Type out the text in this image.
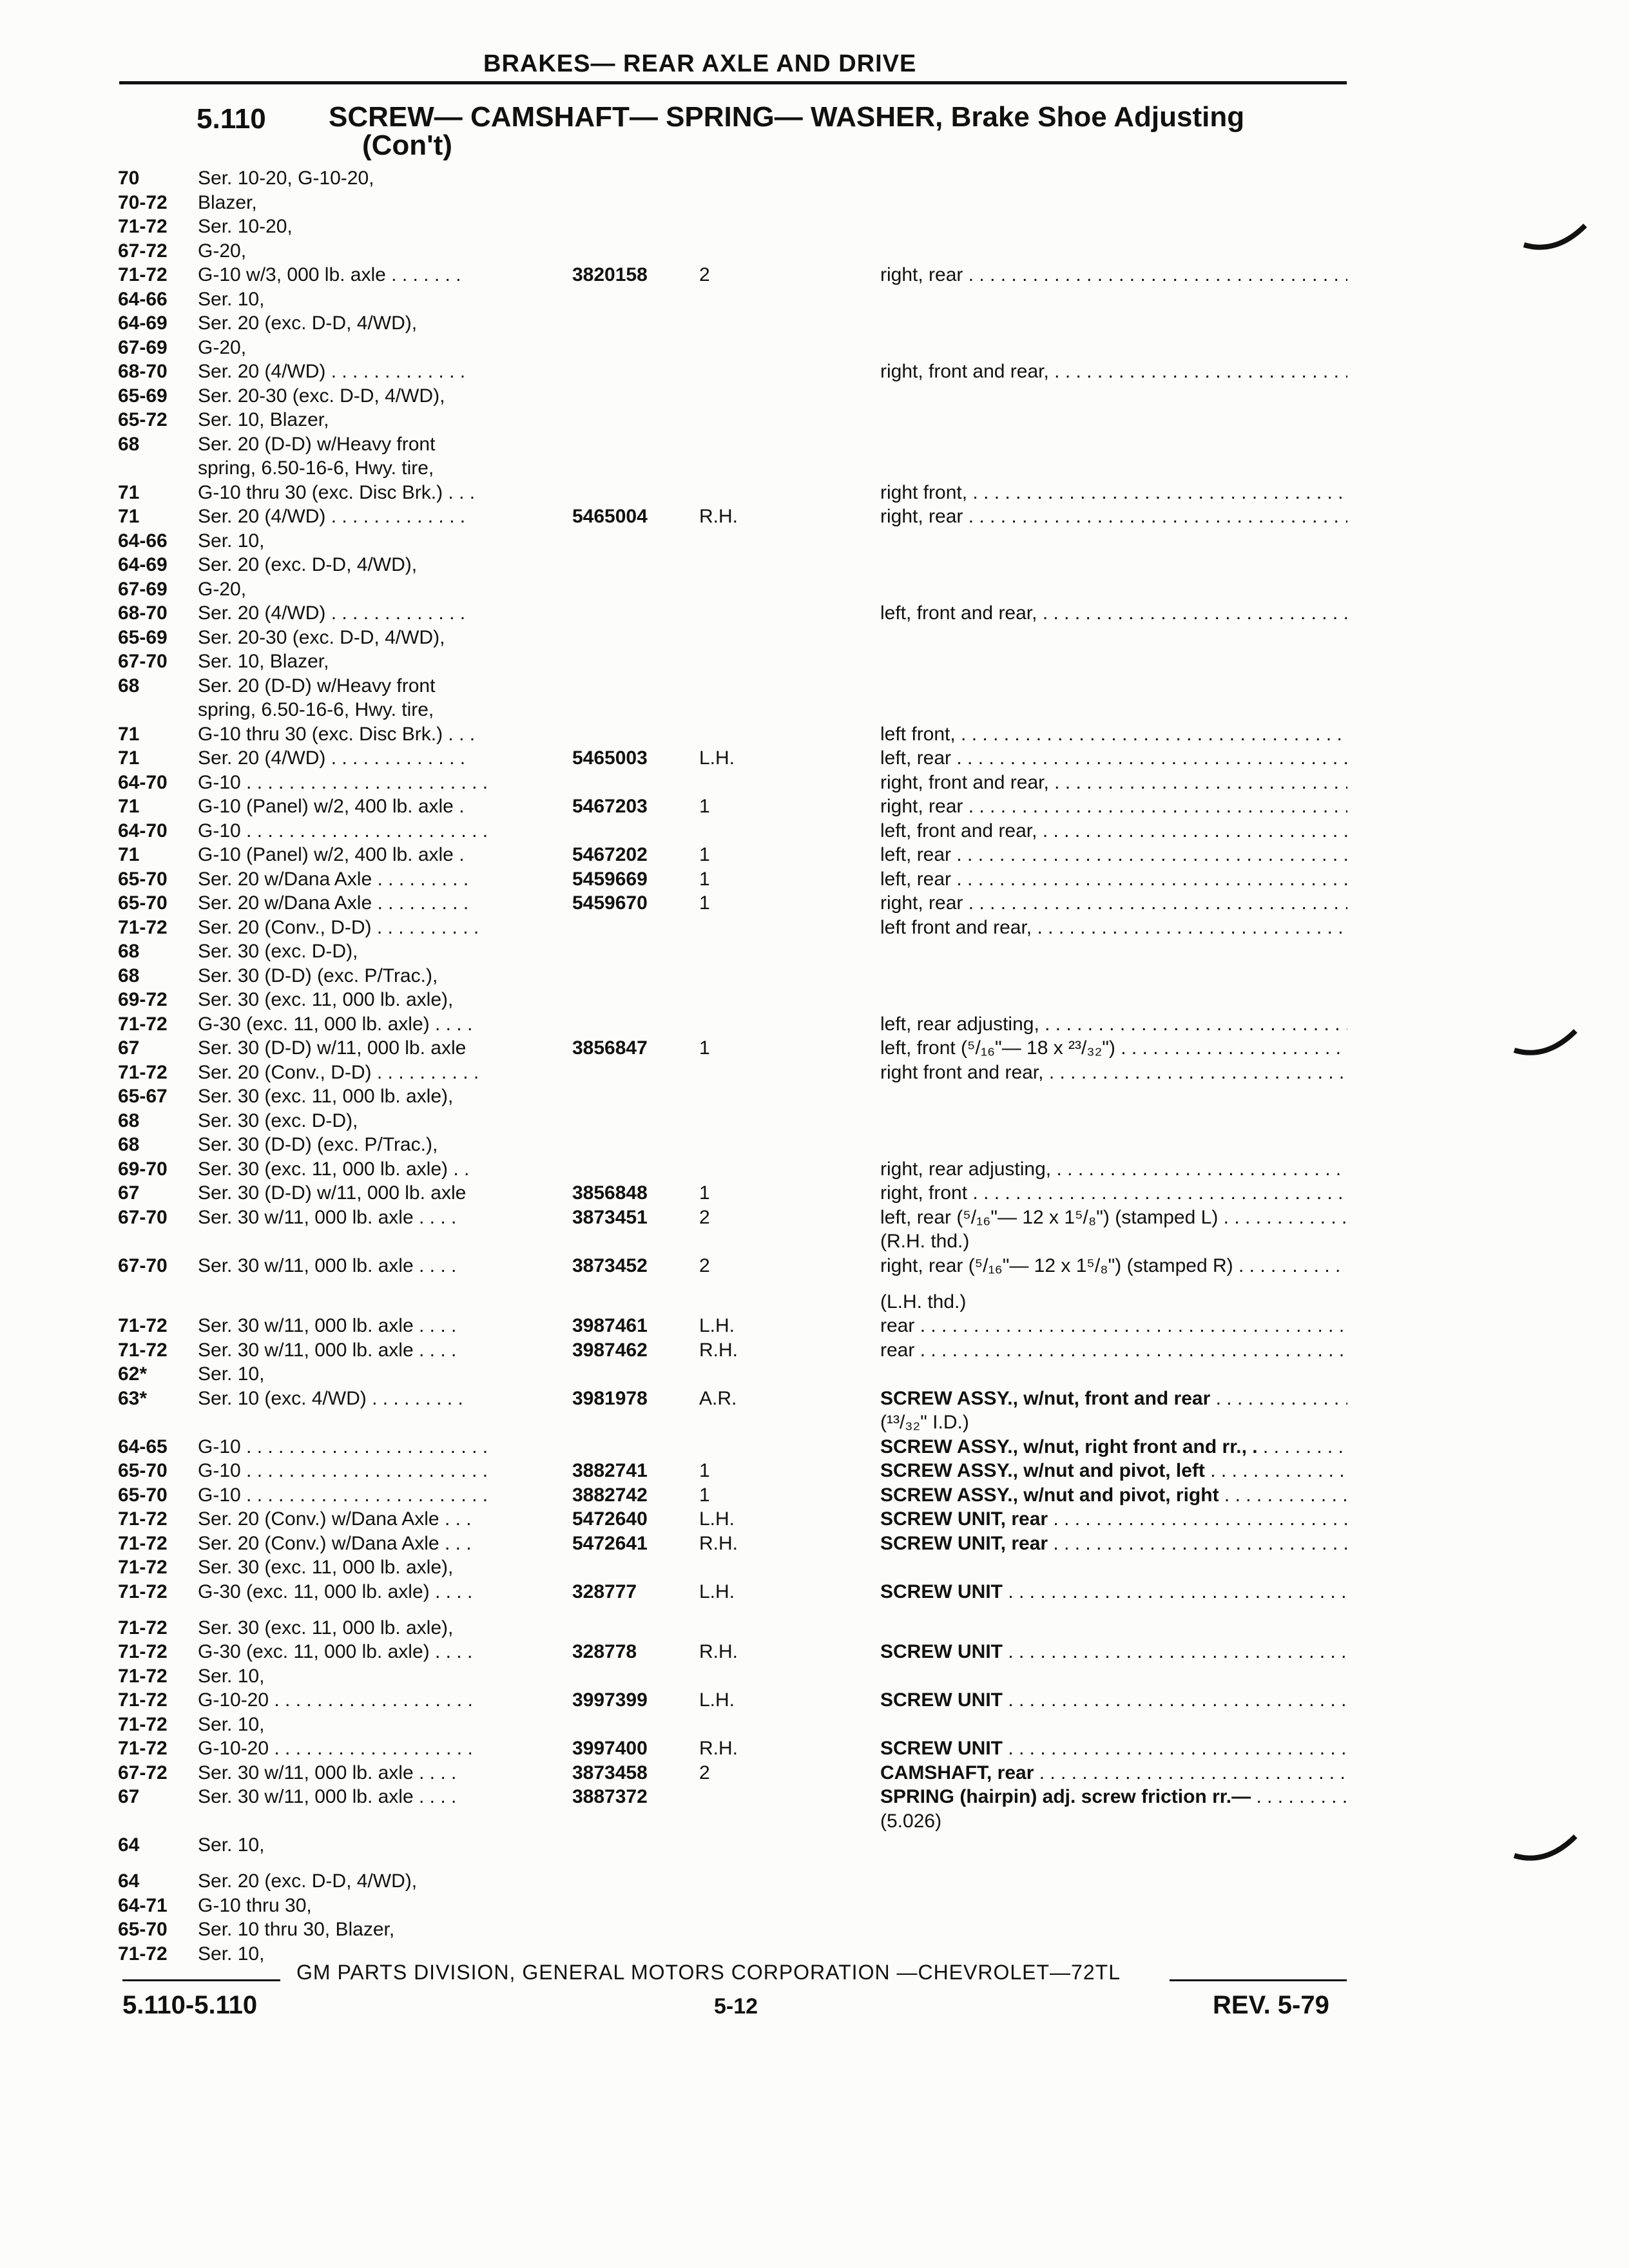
BRAKES— REAR AXLE AND DRIVE
5.110 SCREW— CAMSHAFT— SPRING— WASHER, Brake Shoe Adjusting
(Con't)
70	Ser. 10-20, G-10-20,
70-72 Blazer,
71-72 Ser. 10-20,
67-72 G-20,
71-72 G-10 w/3, 000 lb. axle . . . . . . .	3820158	2	right, rear . . .
64-66 Ser. 10,
64-69 Ser. 20 (exc. D-D, 4/WD),
67-69 G-20,
68-70 Ser. 20 (4/WD) . . . . . . . . . . . . .	right, front and rear, . . .
65-69 Ser. 20-30 (exc. D-D, 4/WD),
65-72 Ser. 10, Blazer,
68	Ser. 20 (D-D) w/Heavy front
spring, 6.50-16-6, Hwy. tire,
71	G-10 thru 30 (exc. Disc Brk.) . . .	right front, . . .
71	Ser. 20 (4/WD) . . . . . . . . . . . . .	5465004	R.H.	right, rear . . .
64-66 Ser. 10,
64-69 Ser. 20 (exc. D-D, 4/WD),
67-69 G-20,
68-70 Ser. 20 (4/WD) . . . . . . . . . . . . .	left, front and rear, . . .
65-69 Ser. 20-30 (exc. D-D, 4/WD),
67-70 Ser. 10, Blazer,
68	Ser. 20 (D-D) w/Heavy front
spring, 6.50-16-6, Hwy. tire,
71	G-10 thru 30 (exc. Disc Brk.) . . .	left front, . . .
71	Ser. 20 (4/WD) . . . . . . . . . . . . .	5465003	L.H.	left, rear . . .
64-70 G-10 . . . . . . . . . . . . . . . . . . . . . . .	right, front and rear, . . .
71	G-10 (Panel) w/2, 400 lb. axle .	5467203	1	right, rear . . .
64-70 G-10 . . . . . . . . . . . . . . . . . . . . . . .	left, front and rear, . . .
71	G-10 (Panel) w/2, 400 lb. axle .	5467202	1	left, rear . . .
65-70 Ser. 20 w/Dana Axle . . . . . . . . .	5459669	1	left, rear . . .
65-70 Ser. 20 w/Dana Axle . . . . . . . . .	5459670	1	right, rear . . .
71-72 Ser. 20 (Conv., D-D) . . . . . . . . . .	left front and rear, . . .
68	Ser. 30 (exc. D-D),
68	Ser. 30 (D-D) (exc. P/Trac.),
69-72 Ser. 30 (exc. 11, 000 lb. axle),
71-72 G-30 (exc. 11, 000 lb. axle) . . . .	left, rear adjusting, . . .
67	Ser. 30 (D-D) w/11, 000 lb. axle	3856847	1	left, front (⁵/₁₆"— 18 x ²³/₃₂") . . .
71-72 Ser. 20 (Conv., D-D) . . . . . . . . . .	right front and rear, . . .
65-67 Ser. 30 (exc. 11, 000 lb. axle),
68	Ser. 30 (exc. D-D),
68	Ser. 30 (D-D) (exc. P/Trac.),
69-70 Ser. 30 (exc. 11, 000 lb. axle) . .	right, rear adjusting, . . .
67	Ser. 30 (D-D) w/11, 000 lb. axle	3856848	1	right, front . . .
67-70 Ser. 30 w/11, 000 lb. axle . . . .	3873451	2	left, rear (⁵/₁₆"— 12 x 1⁵/₈") (stamped L) . . .
(R.H. thd.)
67-70 Ser. 30 w/11, 000 lb. axle . . . .	3873452	2	right, rear (⁵/₁₆"— 12 x 1⁵/₈") (stamped R) . . .
(L.H. thd.)
71-72 Ser. 30 w/11, 000 lb. axle . . . .	3987461	L.H.	rear . . .
71-72 Ser. 30 w/11, 000 lb. axle . . . .	3987462	R.H.	rear . . .
62*	Ser. 10,
63*	Ser. 10 (exc. 4/WD) . . . . . . . . .	3981978	A.R.	SCREW ASSY., w/nut, front and rear . . .
(¹³/₃₂" I.D.)
64-65 G-10 . . . . . . . . . . . . . . . . . . . . . . .	SCREW ASSY., w/nut, right front and rr., . . . .
65-70 G-10 . . . . . . . . . . . . . . . . . . . . . . .	3882741	1	SCREW ASSY., w/nut and pivot, left . . .
65-70 G-10 . . . . . . . . . . . . . . . . . . . . . . .	3882742	1	SCREW ASSY., w/nut and pivot, right . . .
71-72 Ser. 20 (Conv.) w/Dana Axle . . .	5472640	L.H.	SCREW UNIT, rear . . .
71-72 Ser. 20 (Conv.) w/Dana Axle . . .	5472641	R.H.	SCREW UNIT, rear . . .
71-72 Ser. 30 (exc. 11, 000 lb. axle),
71-72 G-30 (exc. 11, 000 lb. axle) . . . .	328777	L.H.	SCREW UNIT . . .
71-72 Ser. 30 (exc. 11, 000 lb. axle),
71-72 G-30 (exc. 11, 000 lb. axle) . . . .	328778	R.H.	SCREW UNIT . . .
71-72 Ser. 10,
71-72 G-10-20 . . . . . . . . . . . . . . . . . . .	3997399	L.H.	SCREW UNIT . . .
71-72 Ser. 10,
71-72 G-10-20 . . . . . . . . . . . . . . . . . . .	3997400	R.H.	SCREW UNIT . . .
67-72 Ser. 30 w/11, 000 lb. axle . . . .	3873458	2	CAMSHAFT, rear . . .
67	Ser. 30 w/11, 000 lb. axle . . . .	3887372	SPRING (hairpin) adj. screw friction rr.— . . .
(5.026)
64	Ser. 10,
64	Ser. 20 (exc. D-D, 4/WD),
64-71 G-10 thru 30,
65-70 Ser. 10 thru 30, Blazer,
71-72 Ser. 10,
GM PARTS DIVISION, GENERAL MOTORS CORPORATION —CHEVROLET—72TL
5.110-5.110	5-12	REV. 5-79
